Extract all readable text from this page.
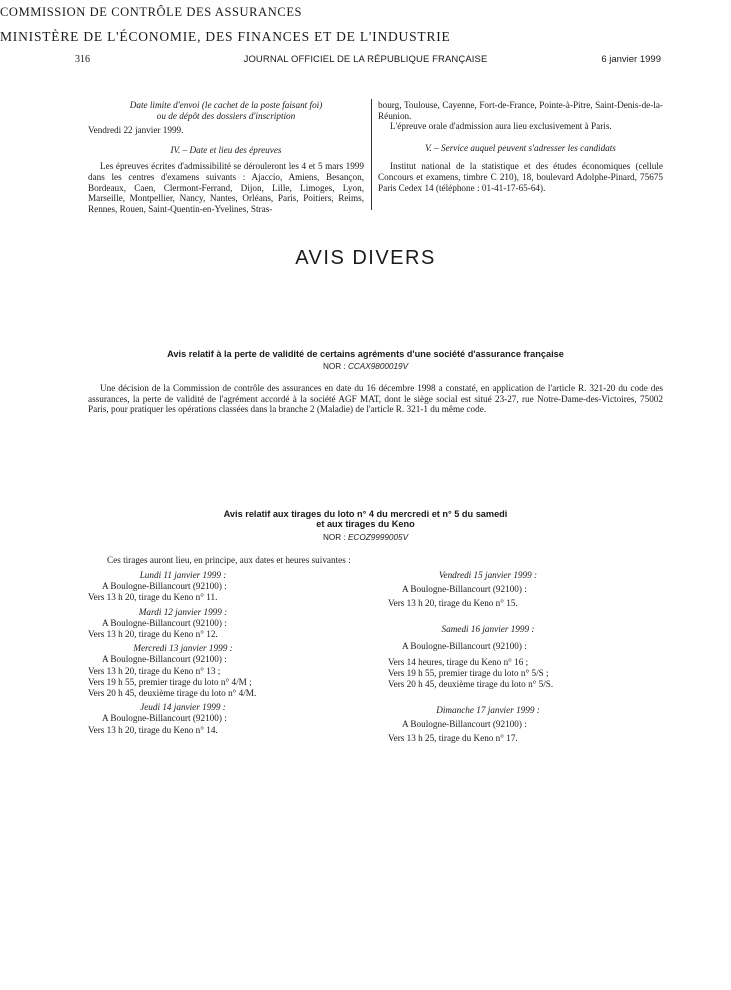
316	JOURNAL OFFICIEL DE LA RÉPUBLIQUE FRANÇAISE	6 janvier 1999

Date limite d'envoi (le cachet de la poste faisant foi)

ou de dépôt des dossiers d'inscription

Vendredi 22 janvier 1999.

IV. – Date et lieu des épreuves

Les épreuves écrites d'admissibilité se dérouleront les 4 et 5 mars 1999 dans les centres d'examens suivants : Ajaccio, Amiens, Besançon, Bordeaux, Caen, Clermont-Ferrand, Dijon, Lille, Limoges, Lyon, Marseille, Montpellier, Nancy, Nantes, Orléans, Paris, Poitiers, Reims, Rennes, Rouen, Saint-Quentin-en-Yvelines, Stras-

bourg, Toulouse, Cayenne, Fort-de-France, Pointe-à-Pitre, Saint-Denis-de-la-Réunion.

L'épreuve orale d'admission aura lieu exclusivement à Paris.

V. – Service auquel peuvent s'adresser les candidats

Institut national de la statistique et des études économiques (cellule Concours et examens, timbre C 210), 18, boulevard Adolphe-Pinard, 75675 Paris Cedex 14 (téléphone : 01-41-17-65-64).

AVIS DIVERS
COMMISSION DE CONTRÔLE DES ASSURANCES
Avis relatif à la perte de validité de certains agréments d'une société d'assurance française
NOR : CCAX9800019V

Une décision de la Commission de contrôle des assurances en date du 16 décembre 1998 a constaté, en application de l'article R. 321-20 du code des assurances, la perte de validité de l'agrément accordé à la société AGF MAT, dont le siège social est situé 23-27, rue Notre-Dame-des-Victoires, 75002 Paris, pour pratiquer les opérations classées dans la branche 2 (Maladie) de l'article R. 321-1 du même code.

MINISTÈRE DE L'ÉCONOMIE, DES FINANCES ET DE L'INDUSTRIE
Avis relatif aux tirages du loto n° 4 du mercredi et n° 5 du samedi
et aux tirages du Keno
NOR : ECOZ9999005V
Ces tirages auront lieu, en principe, aux dates et heures suivantes :

Lundi 11 janvier 1999 :

A Boulogne-Billancourt (92100) :

Vers 13 h 20, tirage du Keno n° 11.

Mardi 12 janvier 1999 :

A Boulogne-Billancourt (92100) :

Vers 13 h 20, tirage du Keno n° 12.

Mercredi 13 janvier 1999 :

A Boulogne-Billancourt (92100) :

Vers 13 h 20, tirage du Keno n° 13 ;

Vers 19 h 55, premier tirage du loto n° 4/M ;

Vers 20 h 45, deuxième tirage du loto n° 4/M.

Jeudi 14 janvier 1999 :

A Boulogne-Billancourt (92100) :

Vers 13 h 20, tirage du Keno n° 14.

Vendredi 15 janvier 1999 :

A Boulogne-Billancourt (92100) :

Vers 13 h 20, tirage du Keno n° 15.

Samedi 16 janvier 1999 :

A Boulogne-Billancourt (92100) :

Vers 14 heures, tirage du Keno n° 16 ;

Vers 19 h 55, premier tirage du loto n° 5/S ;

Vers 20 h 45, deuxième tirage du loto n° 5/S.

Dimanche 17 janvier 1999 :

A Boulogne-Billancourt (92100) :

Vers 13 h 25, tirage du Keno n° 17.
